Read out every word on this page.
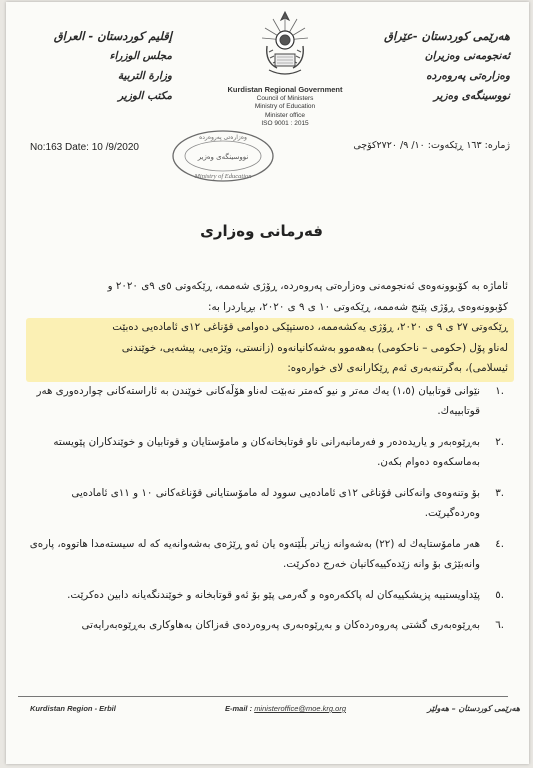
هەرێمی كوردستان -عێراق
ئەنجومەنی وەزیران
وەزارەتی پەروەردە
نووسینگەی وەزیر
إقليم كوردستان - العراق
مجلس الوزراء
وزارة التربية
مكتب الوزير
Kurdistan Regional Government
Council of Ministers
Ministry of Education
Minister office
ISO 9001 : 2015
No:163 Date: 10 /9/2020	ژمارە: ١٦٣ ڕێكەوت: ١٠/ ٩/ ٢٧٢٠كۆچی
وەزارەتی پەروەردە
نووسینگەی وەزیر
Ministry of Education
فەرمانی وەزاری

ئاماژە بە كۆبوونەوەی ئەنجومەنی وەزارەتی پەروەردە، ڕۆژی شەممە، ڕێكەوتی ٥ی ٩ی ٢٠٢٠ و

كۆبوونەوەی ڕۆژی پێنج شەممە، ڕێكەوتی ١٠ ی ٩ ی ٢٠٢٠، بڕیاردرا بە:

ڕێكەوتی ٢٧ ی ٩ ی ٢٠٢٠، ڕۆژی یەكشەممە، دەستپێكی دەوامی قۆناغی ١٢ی ئامادەیی دەبێت

لەناو پۆل (حكومی – ناحكومی) بەهەموو بەشەكانیانەوە (زانستی، وێژەیی، پیشەیی، خوێندنی

ئیسلامی)، بەگرتنەبەری ئەم ڕێكارانەی لای خوارەوە:

.١

نێوانی قوتابیان (١،٥) یەك مەتر و نیو كەمتر نەبێت لەناو هۆڵەكانی خوێندن بە ئاراستەكانی چواردەوری هەر قوتابییەك.

.٢

بەڕێوەبەر و یاریدەدەر و فەرمانبەرانی ناو قوتابخانەكان و مامۆستایان و قوتابیان و خوێندكاران پێویستە بەماسكەوە دەوام بكەن.

.٣

بۆ وتنەوەی وانەكانی قۆناغی ١٢ی ئامادەیی سوود لە مامۆستایانی قۆناغەكانی ١٠ و ١١ی ئامادەیی وەردەگیرێت.

.٤

هەر مامۆستایەك لە (٢٢) بەشەوانە زیاتر بڵێتەوە یان ئەو ڕێژەی بەشەوانەیە كە لە سیستەمدا هاتووە، پارەی وانەبێژی بۆ وانە زێدەكییەكانیان خەرج دەكرێت.

.٥

پێداویستییە پزیشكییەكان لە پاككەرەوە و گەرمی پێو بۆ ئەو قوتابخانە و خوێندنگەیانە دابین دەكرێت.

.٦

بەڕێوەبەری گشتی پەروەردەكان و بەڕێوەبەری پەروەردەی قەزاكان بەهاوكاری بەڕێوەبەرایەتی

Kurdistan Region - Erbil	E-mail : ministeroffice@moe.krg.org	هەرێمی كوردستان – هەولێر
